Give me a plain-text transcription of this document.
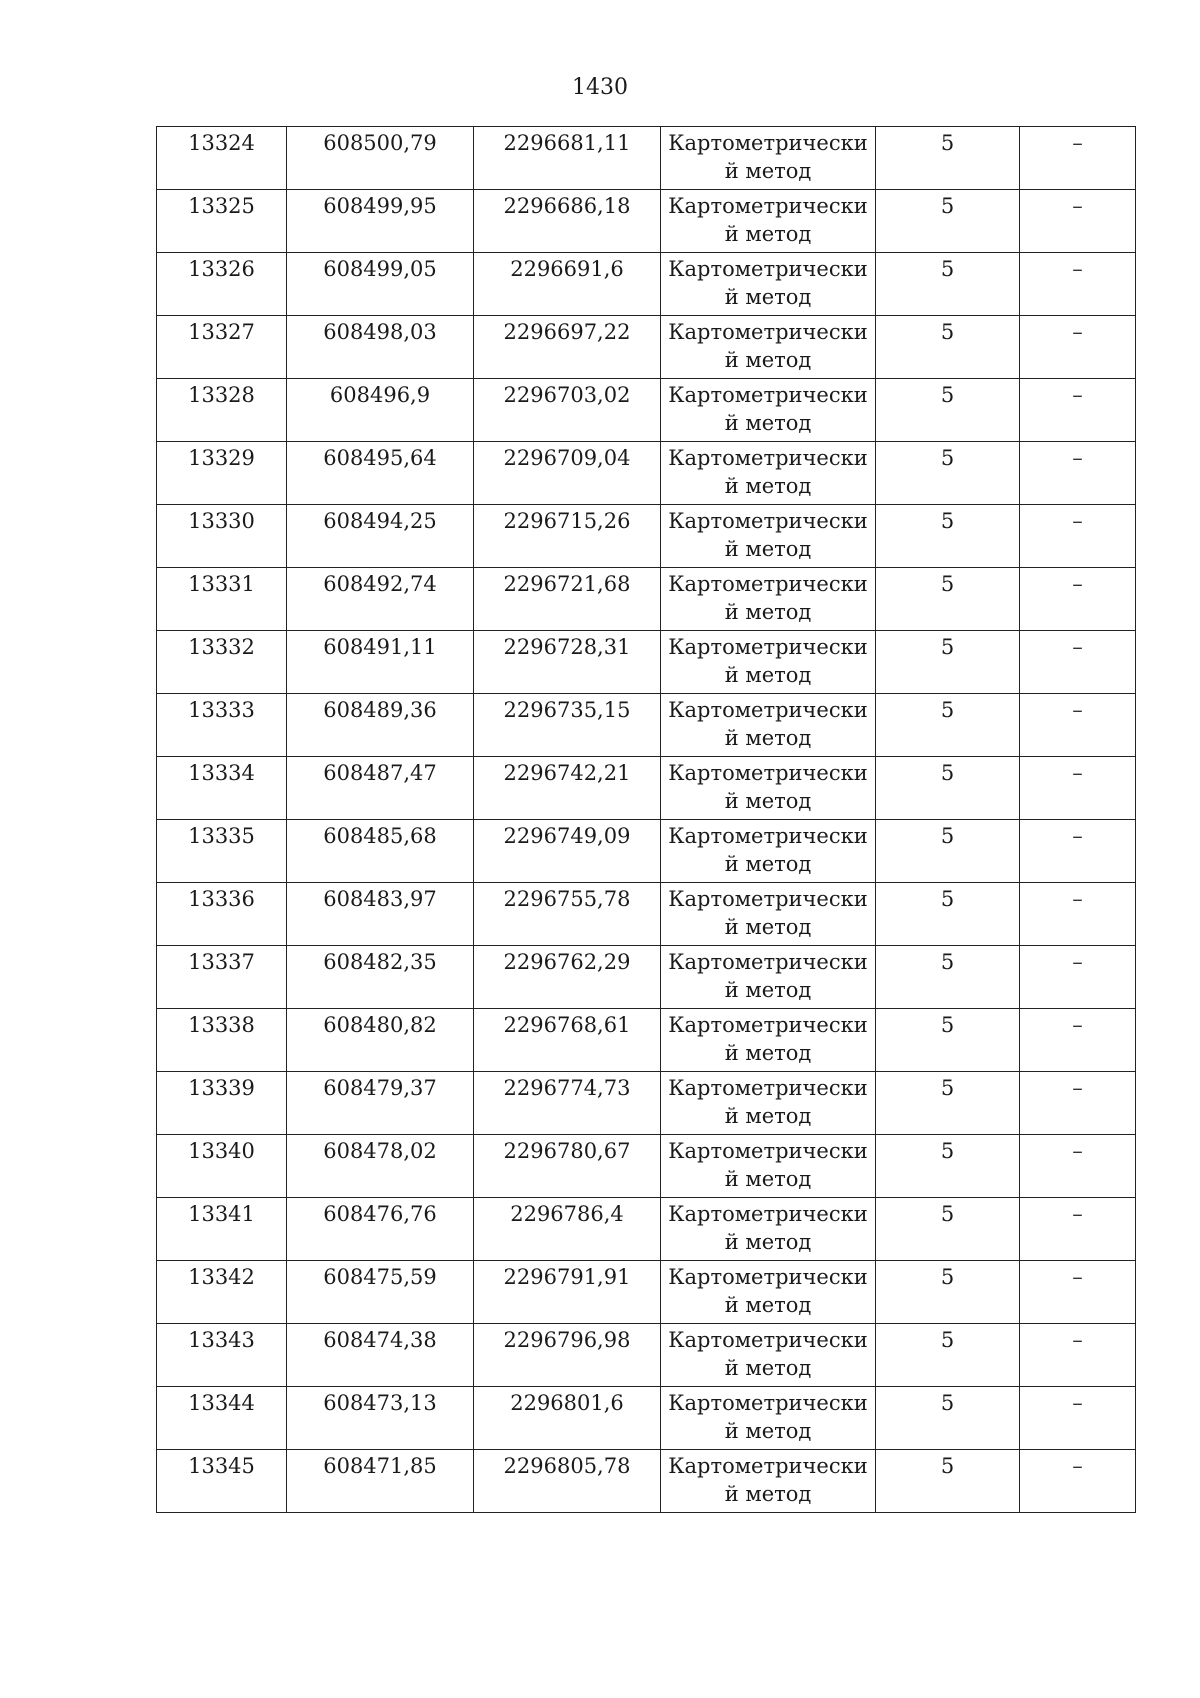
1430
13324	608500,79	2296681,11	Картометрически
й метод	5	–

13325	608499,95	2296686,18	Картометрически
й метод	5	–

13326	608499,05	2296691,6	Картометрически
й метод	5	–

13327	608498,03	2296697,22	Картометрически
й метод	5	–

13328	608496,9	2296703,02	Картометрически
й метод	5	–

13329	608495,64	2296709,04	Картометрически
й метод	5	–

13330	608494,25	2296715,26	Картометрически
й метод	5	–

13331	608492,74	2296721,68	Картометрически
й метод	5	–

13332	608491,11	2296728,31	Картометрически
й метод	5	–

13333	608489,36	2296735,15	Картометрически
й метод	5	–

13334	608487,47	2296742,21	Картометрически
й метод	5	–

13335	608485,68	2296749,09	Картометрически
й метод	5	–

13336	608483,97	2296755,78	Картометрически
й метод	5	–

13337	608482,35	2296762,29	Картометрически
й метод	5	–

13338	608480,82	2296768,61	Картометрически
й метод	5	–

13339	608479,37	2296774,73	Картометрически
й метод	5	–

13340	608478,02	2296780,67	Картометрически
й метод	5	–

13341	608476,76	2296786,4	Картометрически
й метод	5	–

13342	608475,59	2296791,91	Картометрически
й метод	5	–

13343	608474,38	2296796,98	Картометрически
й метод	5	–

13344	608473,13	2296801,6	Картометрически
й метод	5	–

13345	608471,85	2296805,78	Картометрически
й метод	5	–
